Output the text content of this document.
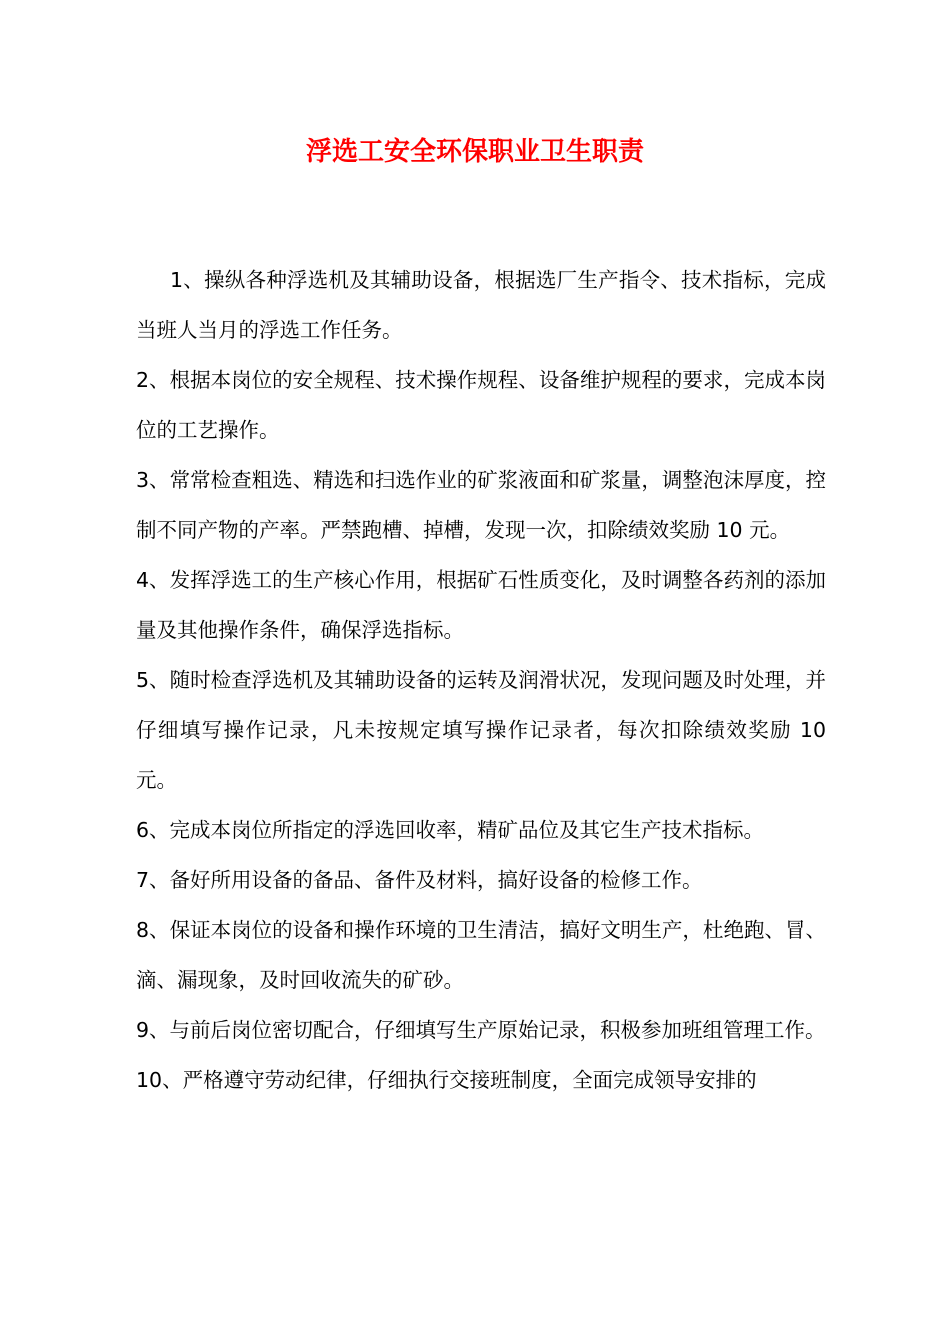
浮选工安全环保职业卫生职责

1、操纵各种浮选机及其辅助设备，根据选厂生产指令、技术指标，完成当班人当月的浮选工作任务。

2、根据本岗位的安全规程、技术操作规程、设备维护规程的要求，完成本岗位的工艺操作。

3、常常检查粗选、精选和扫选作业的矿浆液面和矿浆量，调整泡沫厚度，控制不同产物的产率。严禁跑槽、掉槽，发现一次，扣除绩效奖励 10 元。

4、发挥浮选工的生产核心作用，根据矿石性质变化，及时调整各药剂的添加量及其他操作条件，确保浮选指标。

5、随时检查浮选机及其辅助设备的运转及润滑状况，发现问题及时处理，并仔细填写操作记录，凡未按规定填写操作记录者，每次扣除绩效奖励 10 元。

6、完成本岗位所指定的浮选回收率，精矿品位及其它生产技术指标。

7、备好所用设备的备品、备件及材料，搞好设备的检修工作。

8、保证本岗位的设备和操作环境的卫生清洁，搞好文明生产，杜绝跑、冒、滴、漏现象，及时回收流失的矿砂。

9、与前后岗位密切配合，仔细填写生产原始记录，积极参加班组管理工作。

10、严格遵守劳动纪律，仔细执行交接班制度，全面完成领导安排的
